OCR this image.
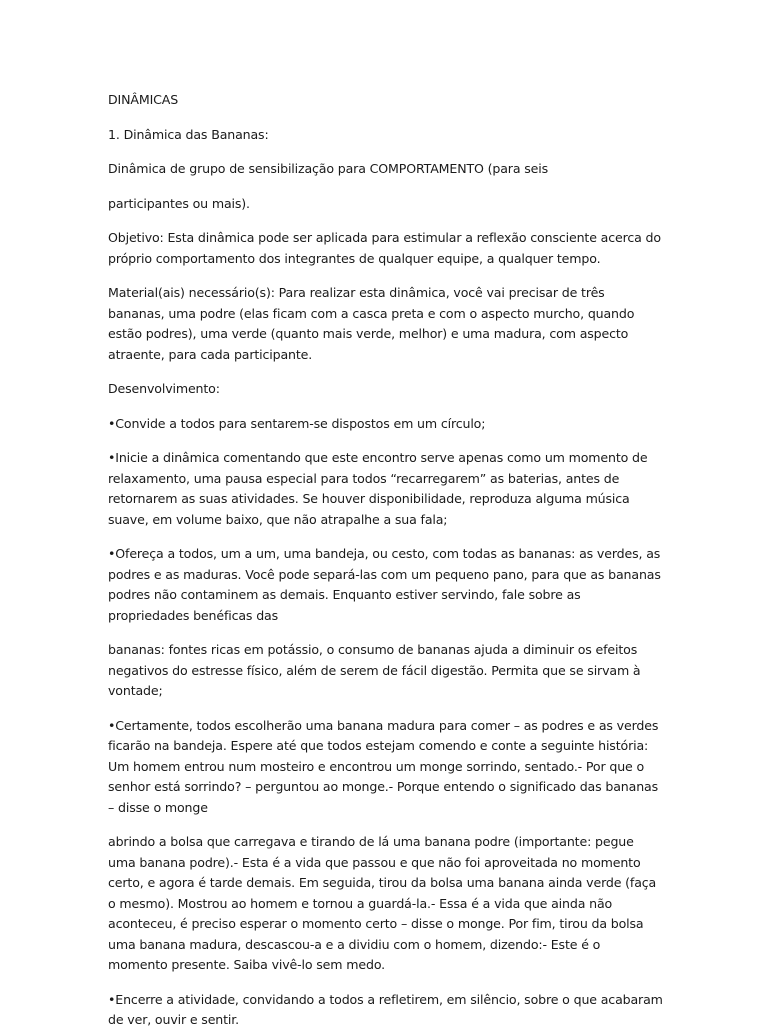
DINÂMICAS

1. Dinâmica das Bananas:

Dinâmica de grupo de sensibilização para COMPORTAMENTO (para seis

participantes ou mais).

Objetivo: Esta dinâmica pode ser aplicada para estimular a reflexão consciente acerca do próprio comportamento dos integrantes de qualquer equipe, a qualquer tempo.

Material(ais) necessário(s): Para realizar esta dinâmica, você vai precisar de três bananas, uma podre (elas ficam com a casca preta e com o aspecto murcho, quando estão podres), uma verde (quanto mais verde, melhor) e uma madura, com aspecto atraente, para cada participante.

Desenvolvimento:

•Convide a todos para sentarem-se dispostos em um círculo;

•Inicie a dinâmica comentando que este encontro serve apenas como um momento de relaxamento, uma pausa especial para todos “recarregarem” as baterias, antes de retornarem as suas atividades. Se houver disponibilidade, reproduza alguma música suave, em volume baixo, que não atrapalhe a sua fala;

•Ofereça a todos, um a um, uma bandeja, ou cesto, com todas as bananas: as verdes, as podres e as maduras. Você pode separá-las com um pequeno pano, para que as bananas podres não contaminem as demais. Enquanto estiver servindo, fale sobre as propriedades benéficas das

bananas: fontes ricas em potássio, o consumo de bananas ajuda a diminuir os efeitos negativos do estresse físico, além de serem de fácil digestão. Permita que se sirvam à vontade;

•Certamente, todos escolherão uma banana madura para comer – as podres e as verdes ficarão na bandeja. Espere até que todos estejam comendo e conte a seguinte história: Um homem entrou num mosteiro e encontrou um monge sorrindo, sentado.- Por que o senhor está sorrindo? – perguntou ao monge.- Porque entendo o significado das bananas – disse o monge

abrindo a bolsa que carregava e tirando de lá uma banana podre (importante: pegue uma banana podre).- Esta é a vida que passou e que não foi aproveitada no momento certo, e agora é tarde demais. Em seguida, tirou da bolsa uma banana ainda verde (faça o mesmo). Mostrou ao homem e tornou a guardá-la.- Essa é a vida que ainda não aconteceu, é preciso esperar o momento certo – disse o monge. Por fim, tirou da bolsa uma banana madura, descascou-a e a dividiu com o homem, dizendo:- Este é o momento presente. Saiba vivê-lo sem medo.

•Encerre a atividade, convidando a todos a refletirem, em silêncio, sobre o que acabaram de ver, ouvir e sentir.
